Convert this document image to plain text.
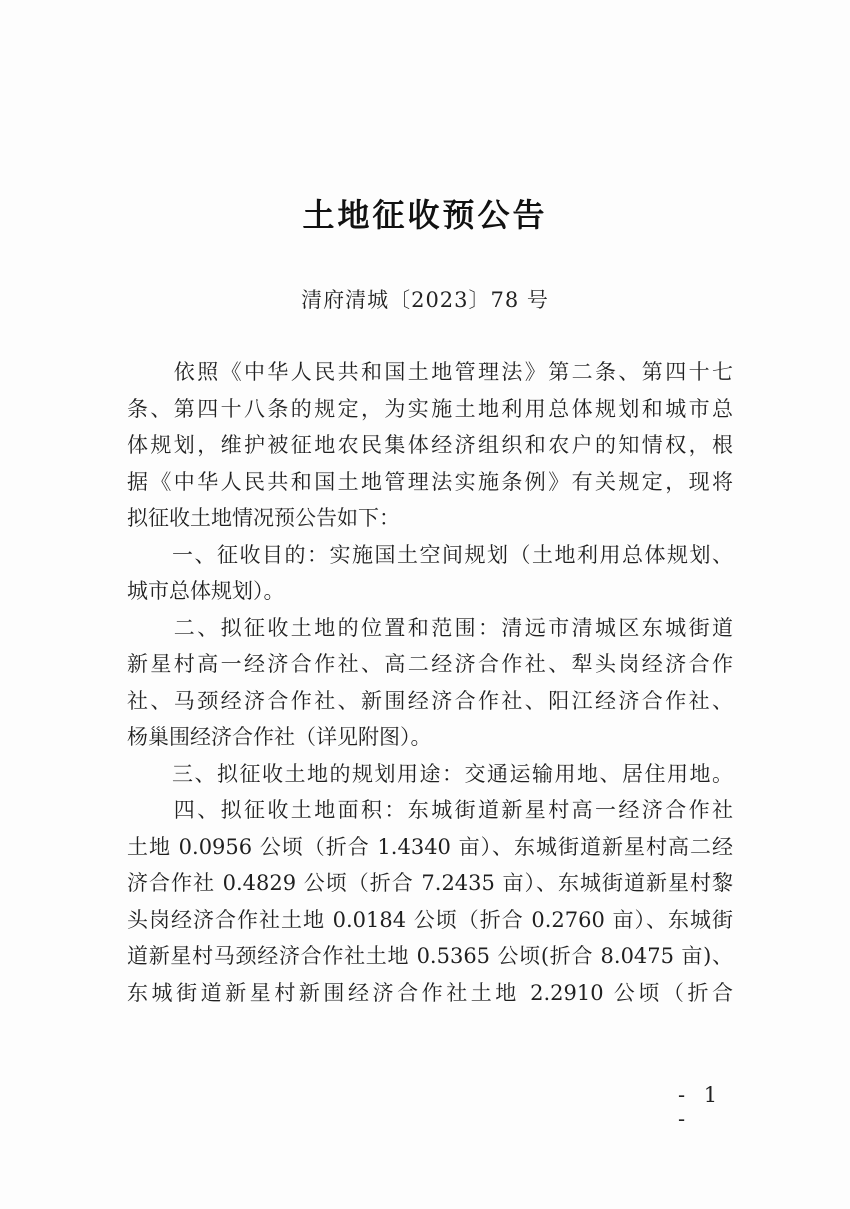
土地征收预公告
清府清城〔2023〕78 号
　　依照《中华人民共和国土地管理法》第二条、第四十七
条、第四十八条的规定，为实施土地利用总体规划和城市总
体规划，维护被征地农民集体经济组织和农户的知情权，根
据《中华人民共和国土地管理法实施条例》有关规定，现将
拟征收土地情况预公告如下：
　　一、征收目的：实施国土空间规划（土地利用总体规划、
城市总体规划）。
　　二、拟征收土地的位置和范围：清远市清城区东城街道
新星村高一经济合作社、高二经济合作社、犁头岗经济合作
社、马颈经济合作社、新围经济合作社、阳江经济合作社、
杨巢围经济合作社（详见附图）。
　　三、拟征收土地的规划用途：交通运输用地、居住用地。
　　四、拟征收土地面积：东城街道新星村高一经济合作社
土地 0.0956 公顷（折合 1.4340 亩）、东城街道新星村高二经
济合作社 0.4829 公顷（折合 7.2435 亩）、东城街道新星村黎
头岗经济合作社土地 0.0184 公顷（折合 0.2760 亩）、东城街
道新星村马颈经济合作社土地 0.5365 公顷(折合 8.0475 亩)、
东城街道新星村新围经济合作社土地 2.2910 公顷（折合
- 1 -
